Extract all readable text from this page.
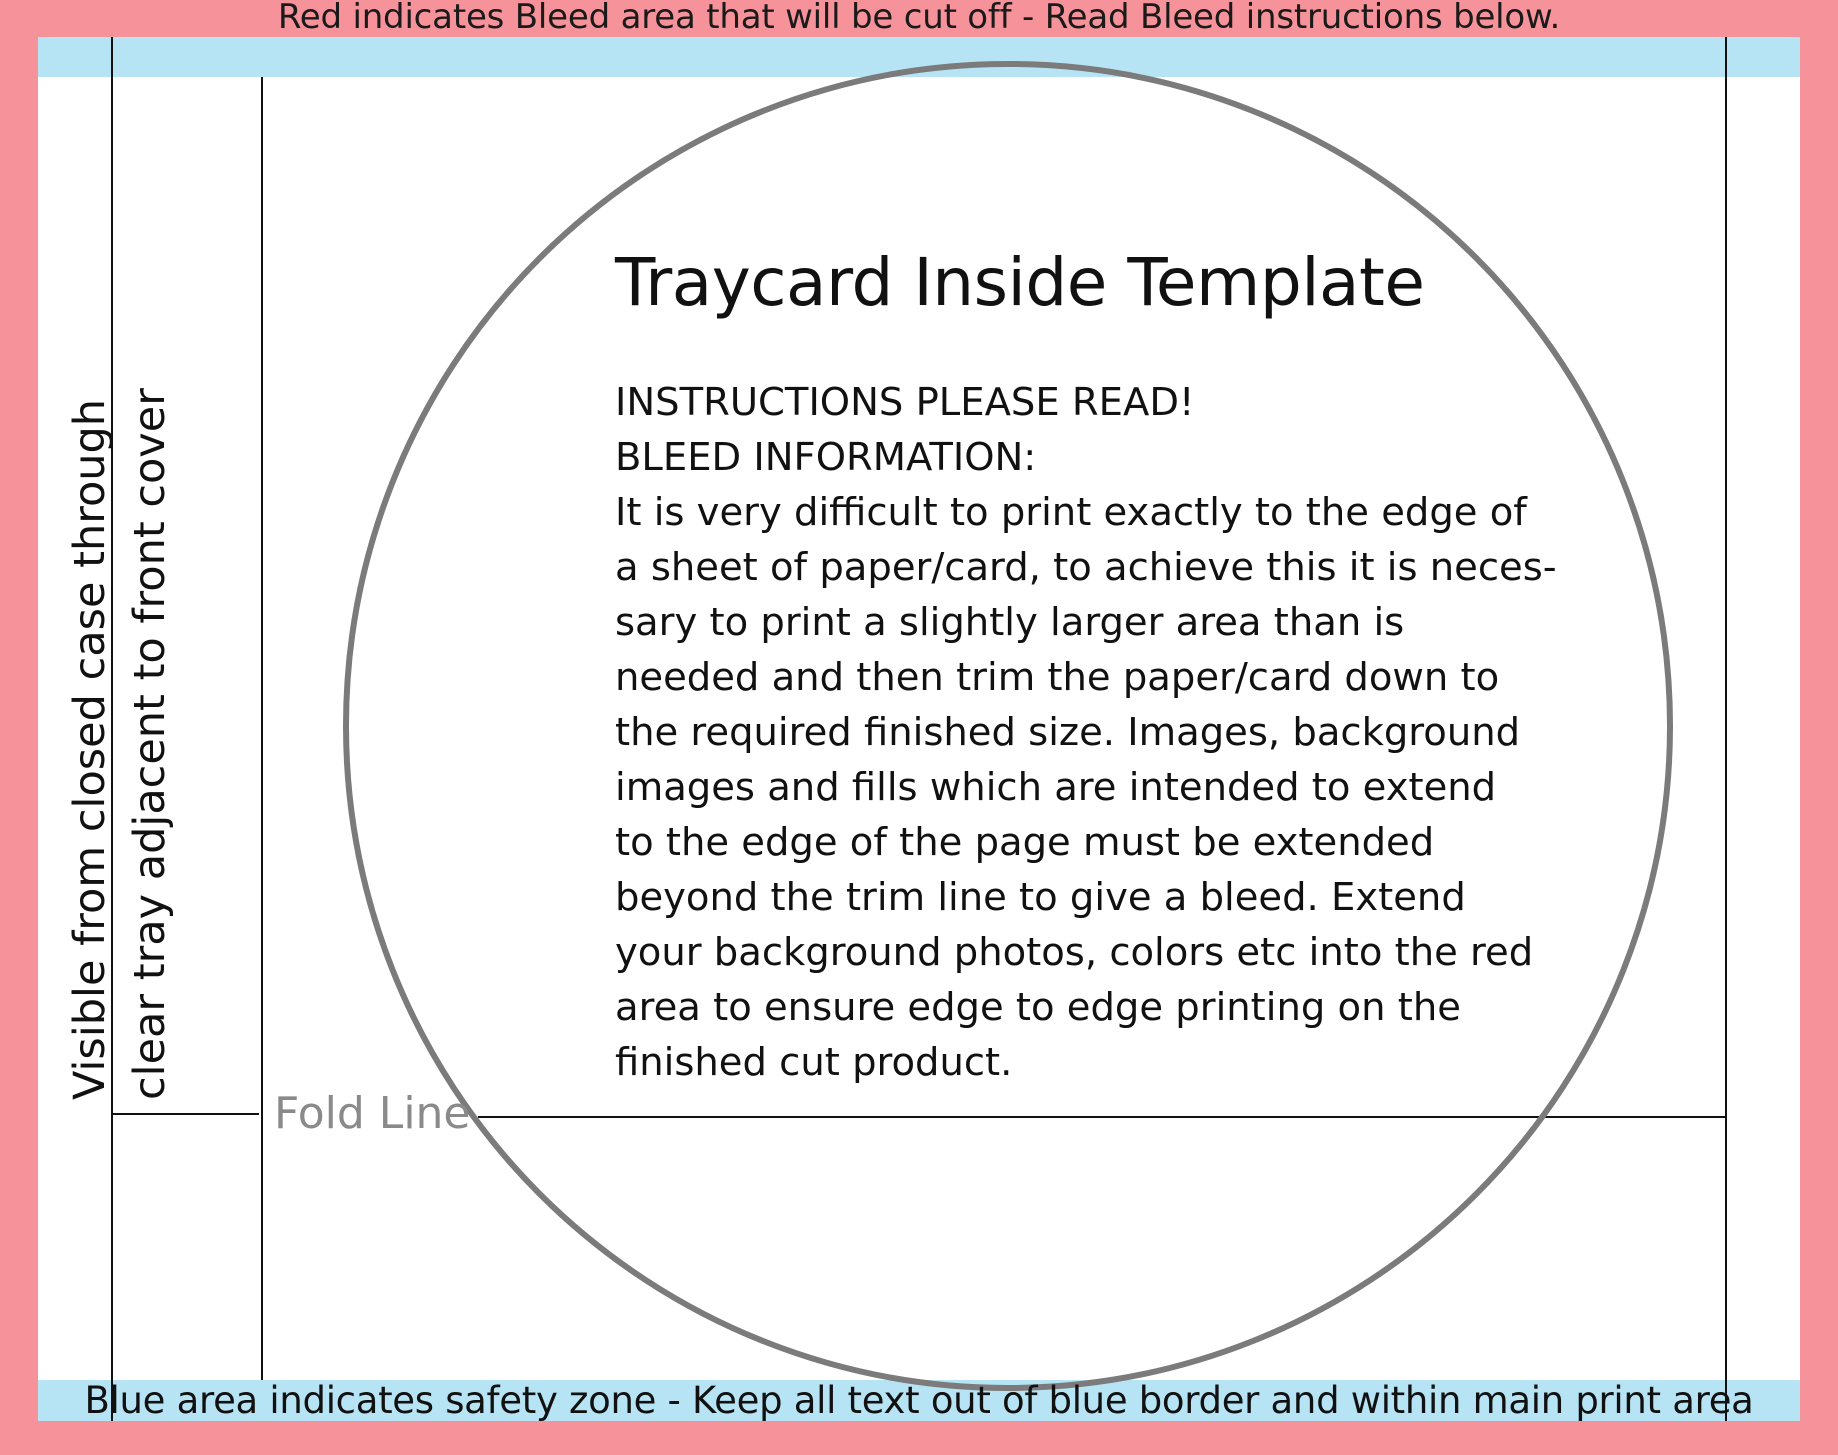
Red indicates Bleed area that will be cut off - Read Bleed instructions below.
Visible from closed case through clear tray adjacent to front cover
Fold Line
Traycard Inside Template
INSTRUCTIONS PLEASE READ!
BLEED INFORMATION:
It is very difficult to print exactly to the edge of
a sheet of paper/card, to achieve this it is neces-
sary to print a slightly larger area than is
needed and then trim the paper/card down to
the required finished size. Images, background
images and fills which are intended to extend
to the edge of the page must be extended
beyond the trim line to give a bleed. Extend
your background photos, colors etc into the red
area to ensure edge to edge printing on the
finished cut product.
Blue area indicates safety zone - Keep all text out of blue border and within main print area
